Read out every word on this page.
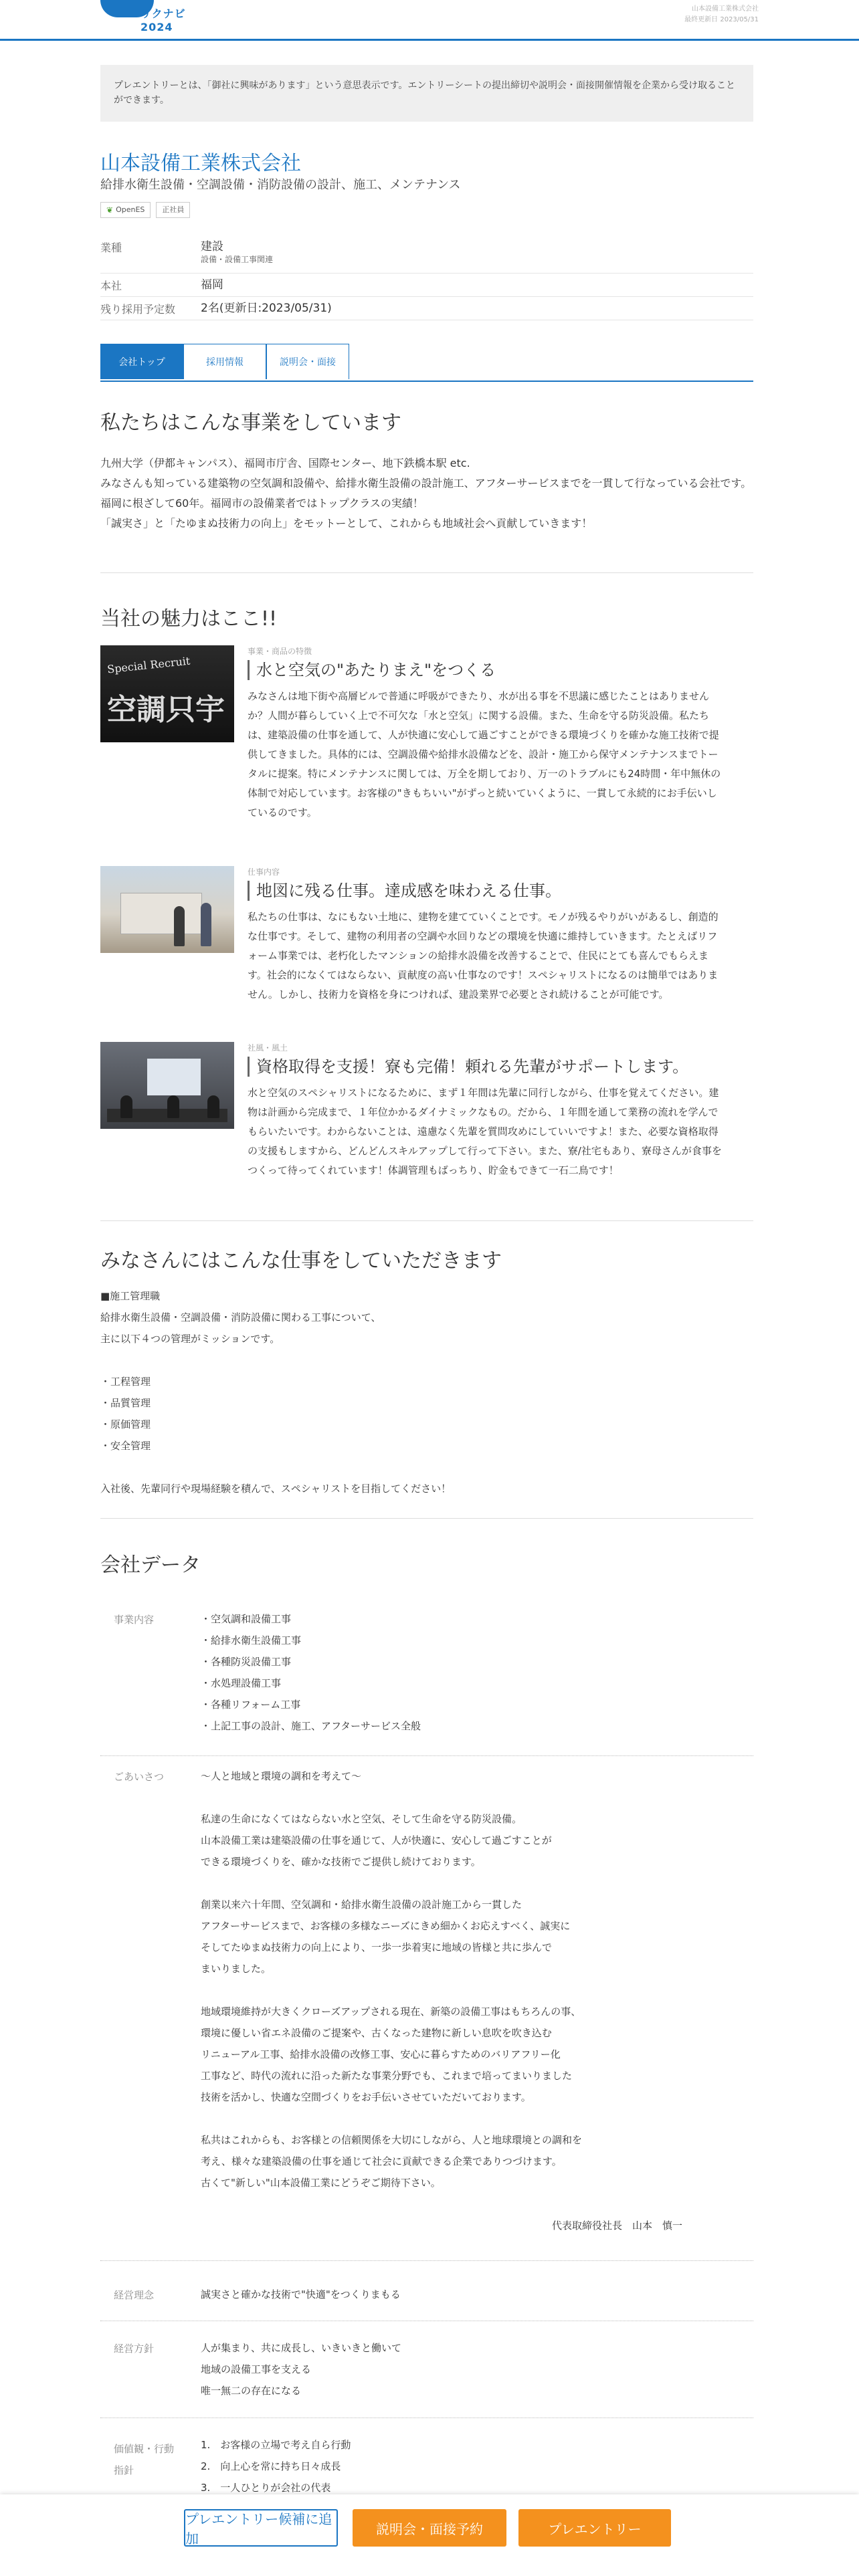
リクナビ2024
山本設備工業株式会社
最終更新日 2023/05/31
プレエントリーとは、「御社に興味があります」という意思表示です。エントリーシートの提出締切や説明会・面接開催情報を企業から受け取ることができます。
山本設備工業株式会社
給排水衛生設備・空調設備・消防設備の設計、施工、メンテナンス
❦ OpenES 正社員
業種	建設
設備・設備工事関連
本社	福岡
残り採用予定数	2名(更新日:2023/05/31)
会社トップ	採用情報	説明会・面接
私たちはこんな事業をしています
九州大学（伊都キャンパス）、福岡市庁舎、国際センター、地下鉄橋本駅 etc.
みなさんも知っている建築物の空気調和設備や、給排水衛生設備の設計施工、アフターサービスまでを一貫して行なっている会社です。
福岡に根ざして60年。福岡市の設備業者ではトップクラスの実績！
「誠実さ」と「たゆまぬ技術力の向上」をモットーとして、これからも地域社会へ貢献していきます！
当社の魅力はここ!!
Special Recruit
空調只宇
事業・商品の特徴
水と空気の"あたりまえ"をつくる
みなさんは地下街や高層ビルで普通に呼吸ができたり、水が出る事を不思議に感じたことはありません
か？人間が暮らしていく上で不可欠な「水と空気」に関する設備。また、生命を守る防災設備。私たち
は、建築設備の仕事を通して、人が快適に安心して過ごすことができる環境づくりを確かな施工技術で提
供してきました。具体的には、空調設備や給排水設備などを、設計・施工から保守メンテナンスまでトー
タルに提案。特にメンテナンスに関しては、万全を期しており、万一のトラブルにも24時間・年中無休の
体制で対応しています。お客様の"きもちいい"がずっと続いていくように、一貫して永続的にお手伝いし
ているのです。
仕事内容
地図に残る仕事。達成感を味わえる仕事。
私たちの仕事は、なにもない土地に、建物を建てていくことです。モノが残るやりがいがあるし、創造的
な仕事です。そして、建物の利用者の空調や水回りなどの環境を快適に維持していきます。たとえばリフ
ォーム事業では、老朽化したマンションの給排水設備を改善することで、住民にとても喜んでもらえま
す。社会的になくてはならない、貢献度の高い仕事なのです！スペシャリストになるのは簡単ではありま
せん。しかし、技術力を資格を身につければ、建設業界で必要とされ続けることが可能です。
社風・風土
資格取得を支援！寮も完備！頼れる先輩がサポートします。
水と空気のスペシャリストになるために、まず１年間は先輩に同行しながら、仕事を覚えてください。建
物は計画から完成まで、１年位かかるダイナミックなもの。だから、１年間を通して業務の流れを学んで
もらいたいです。わからないことは、遠慮なく先輩を質問攻めにしていいですよ！また、必要な資格取得
の支援もしますから、どんどんスキルアップして行って下さい。また、寮/社宅もあり、寮母さんが食事を
つくって待ってくれています！体調管理もばっちり、貯金もできて一石二鳥です！
みなさんにはこんな仕事をしていただきます
■施工管理職
給排水衛生設備・空調設備・消防設備に関わる工事について、
主に以下４つの管理がミッションです。
・工程管理
・品質管理
・原価管理
・安全管理
入社後、先輩同行や現場経験を積んで、スペシャリストを目指してください！
会社データ
事業内容	・空気調和設備工事
・給排水衛生設備工事
・各種防災設備工事
・水処理設備工事
・各種リフォーム工事
・上記工事の設計、施工、アフターサービス全般
ごあいさつ	～人と地域と環境の調和を考えて～
私達の生命になくてはならない水と空気、そして生命を守る防災設備。
山本設備工業は建築設備の仕事を通じて、人が快適に、安心して過ごすことが
できる環境づくりを、確かな技術でご提供し続けております。
創業以来六十年間、空気調和・給排水衛生設備の設計施工から一貫した
アフターサービスまで、お客様の多様なニーズにきめ細かくお応えすべく、誠実に
そしてたゆまぬ技術力の向上により、一歩一歩着実に地域の皆様と共に歩んで
まいりました。
地域環境維持が大きくクローズアップされる現在、新築の設備工事はもちろんの事、
環境に優しい省エネ設備のご提案や、古くなった建物に新しい息吹を吹き込む
リニューアル工事、給排水設備の改修工事、安心に暮らすためのバリアフリー化
工事など、時代の流れに沿った新たな事業分野でも、これまで培ってまいりました
技術を活かし、快適な空間づくりをお手伝いさせていただいております。
私共はこれからも、お客様との信頼関係を大切にしながら、人と地球環境との調和を
考え、様々な建築設備の仕事を通じて社会に貢献できる企業でありつづけます。
古くて"新しい"山本設備工業にどうぞご期待下さい。
代表取締役社長　山本　慎一
経営理念	誠実さと確かな技術で"快適"をつくりまもる
経営方針	人が集まり、共に成長し、いきいきと働いて
地域の設備工事を支える
唯一無二の存在になる
価値観・行動指針
1.　お客様の立場で考え自ら行動
2.　向上心を常に持ち日々成長
3.　一人ひとりが会社の代表
プレエントリー候補に追加
説明会・面接予約	プレエントリー
